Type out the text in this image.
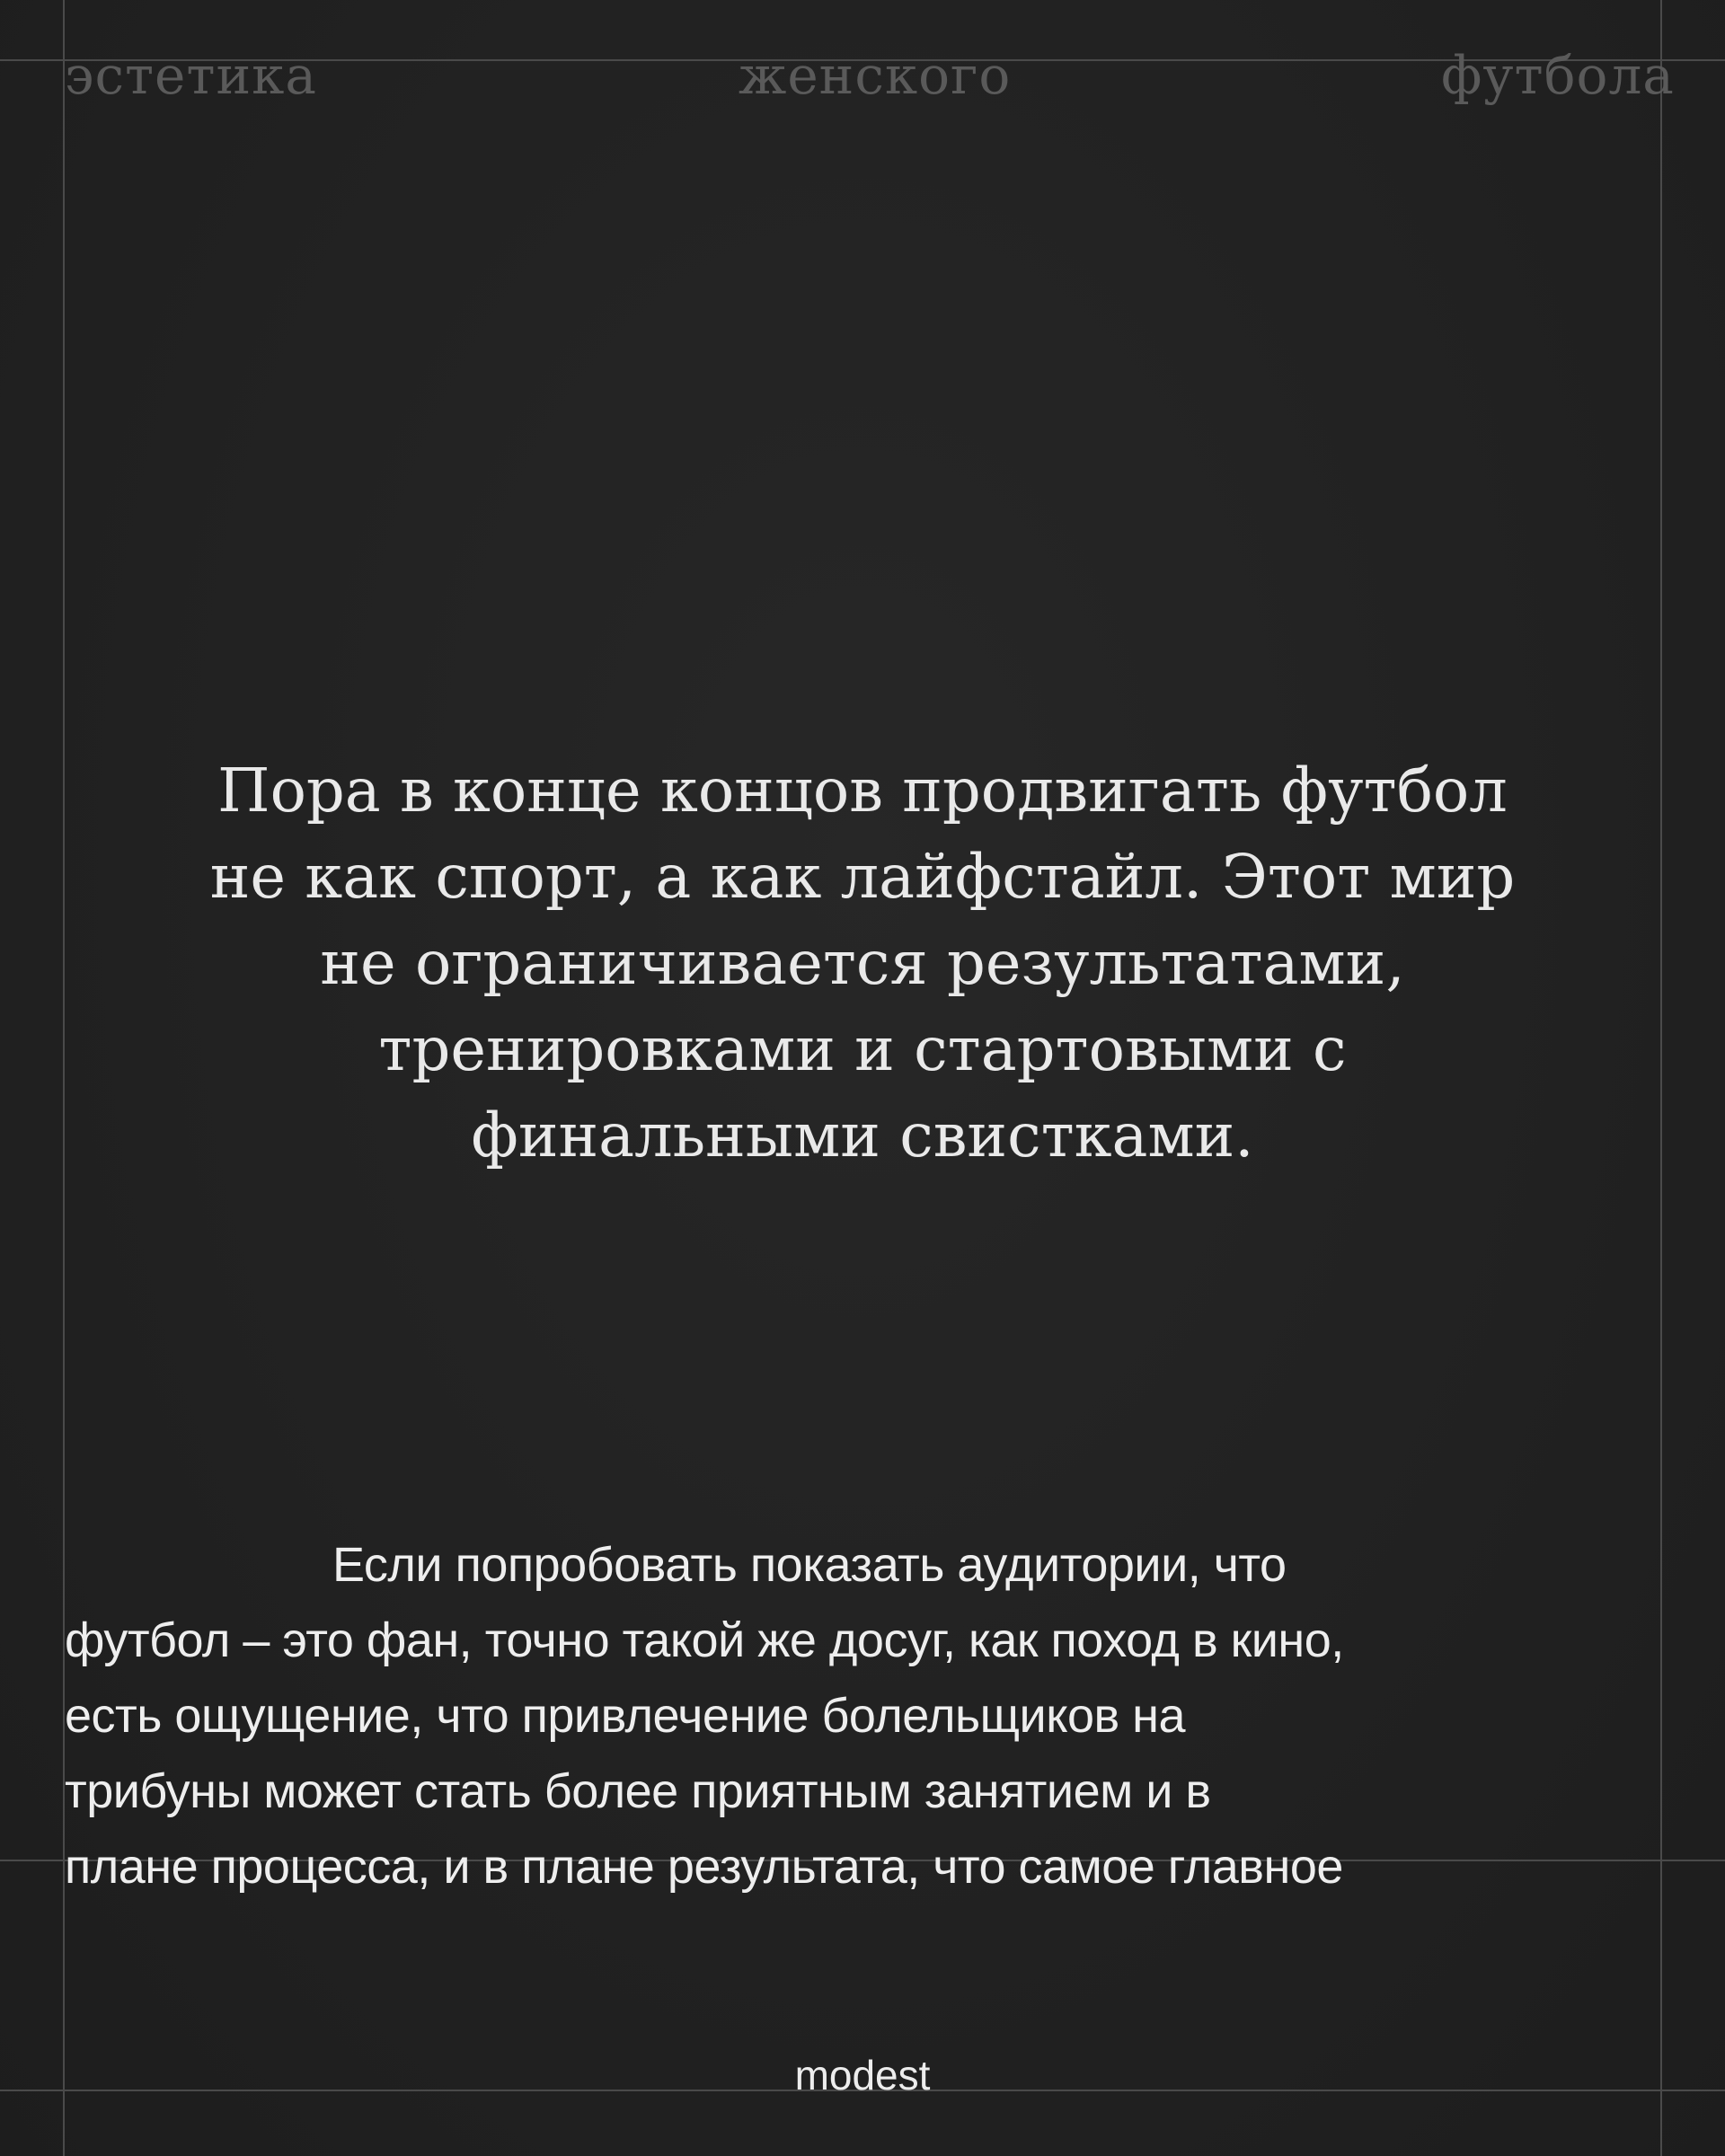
эстетика	женского	футбола
Пора в конце концов продвигать футбол
не как спорт, а как лайфстайл. Этот мир
не ограничивается результатами,
тренировками и стартовыми с
финальными свистками.
Если попробовать показать аудитории, что
футбол – это фан, точно такой же досуг, как поход в кино,
есть ощущение, что привлечение болельщиков на
трибуны может стать более приятным занятием и в
плане процесса, и в плане результата, что самое главное
modest
